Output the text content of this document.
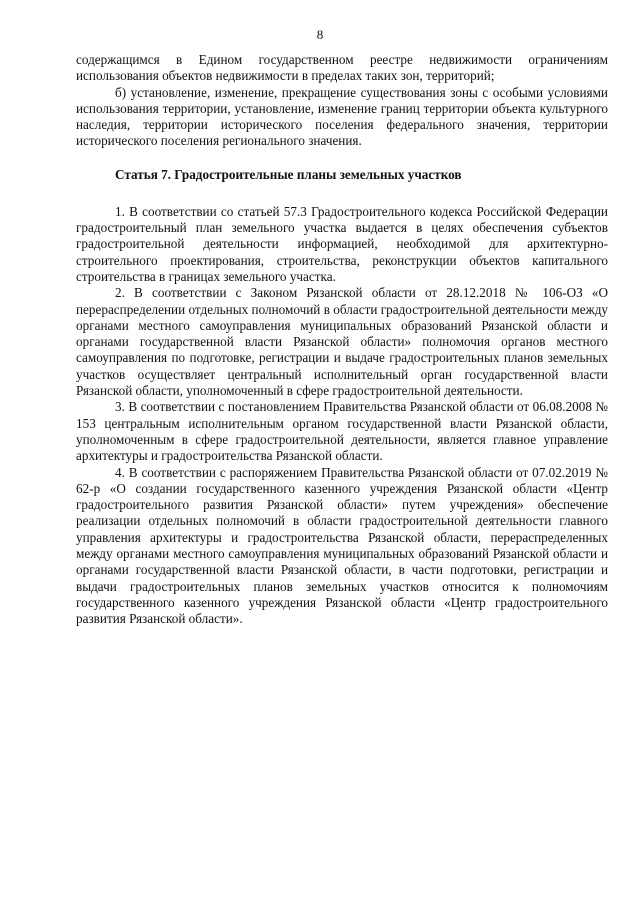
8

содержащимся в Едином государственном реестре недвижимости ограничениям использования объектов недвижимости в пределах таких зон, территорий;

б) установление, изменение, прекращение существования зоны с особыми условиями использования территории, установление, изменение границ территории объекта культурного наследия, территории исторического поселения федерального значения, территории исторического поселения регионального значения.

Статья 7. Градостроительные планы земельных участков

1. В соответствии со статьей 57.3 Градостроительного кодекса Российской Федерации градостроительный план земельного участка выдается в целях обеспечения субъектов градостроительной деятельности информацией, необходимой для архитектурно-строительного проектирования, строительства, реконструкции объектов капитального строительства в границах земельного участка.

2. В соответствии с Законом Рязанской области от 28.12.2018 № 106-ОЗ «О перераспределении отдельных полномочий в области градостроительной деятельности между органами местного самоуправления муниципальных образований Рязанской области и органами государственной власти Рязанской области» полномочия органов местного самоуправления по подготовке, регистрации и выдаче градостроительных планов земельных участков осуществляет центральный исполнительный орган государственной власти Рязанской области, уполномоченный в сфере градостроительной деятельности.

3. В соответствии с постановлением Правительства Рязанской области от 06.08.2008 № 153 центральным исполнительным органом государственной власти Рязанской области, уполномоченным в сфере градостроительной деятельности, является главное управление архитектуры и градостроительства Рязанской области.

4. В соответствии с распоряжением Правительства Рязанской области от 07.02.2019 № 62-р «О создании государственного казенного учреждения Рязанской области «Центр градостроительного развития Рязанской области» путем учреждения» обеспечение реализации отдельных полномочий в области градостроительной деятельности главного управления архитектуры и градостроительства Рязанской области, перераспределенных между органами местного самоуправления муниципальных образований Рязанской области и органами государственной власти Рязанской области, в части подготовки, регистрации и выдачи градостроительных планов земельных участков относится к полномочиям государственного казенного учреждения Рязанской области «Центр градостроительного развития Рязанской области».
